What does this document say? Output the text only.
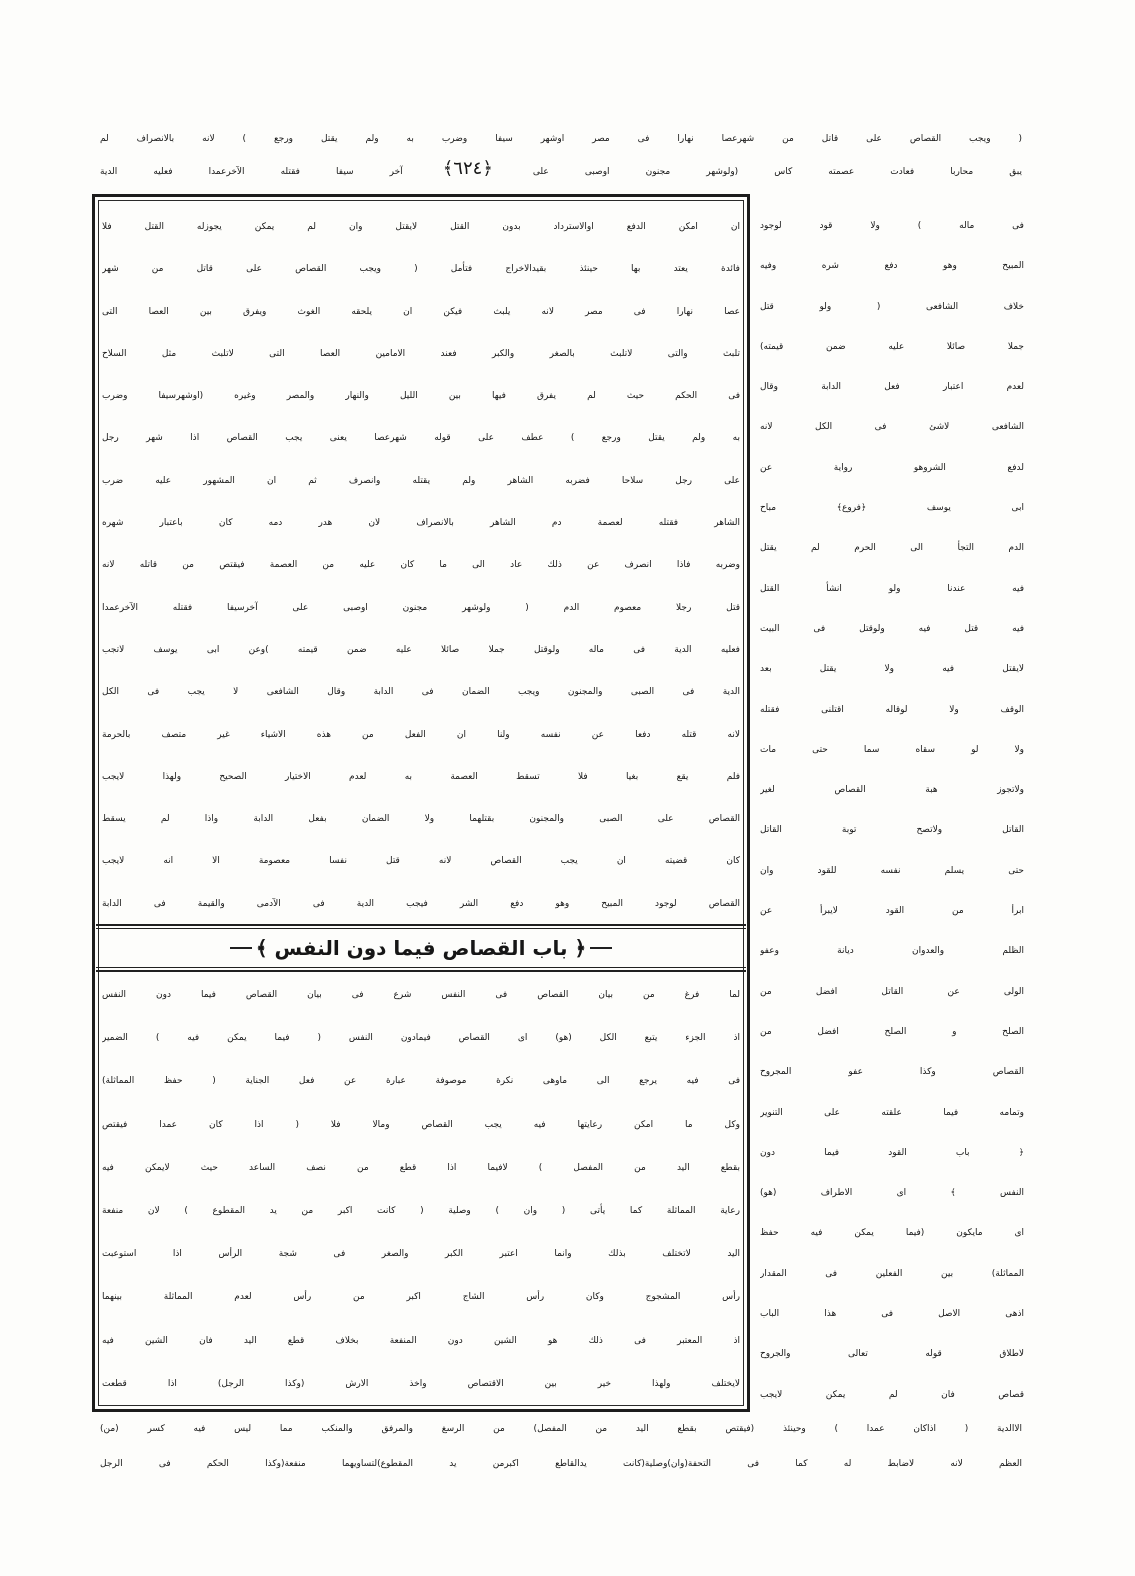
( ويجب القصاص على قاتل من شهرعصا نهارا فى مصر اوشهر سيفا وضرب به ولم يقتل ورجع ) لانه بالانصراف لم
يبق محاربا فعادت عصمته كاس (ولوشهر مجنون اوصبى على ﴿٦٢٤﴾ آخر سيفا فقتله الآخرعمدا فعليه الدية
ان امكن الدفع اوالاسترداد بدون القتل لايقتل وان لم يمكن يجوزله القتل فلا
فائدة يعتد بها حينئذ بقيدالاخراج فتأمل ( ويجب القصاص على قاتل من شهر
عصا نهارا فى مصر لانه يلبث فيكن ان يلحقه الغوث ويفرق بين العصا التى
تلبث والتى لاتلبث بالصغر والكبر فعند الامامين العصا التى لاتلبث مثل السلاح
فى الحكم حيث لم يفرق فيها بين الليل والنهار والمصر وغيره (اوشهرسيفا وضرب
به ولم يقتل ورجع ) عطف على قوله شهرعصا يعنى يجب القصاص اذا شهر رجل
على رجل سلاحا فضربه الشاهر ولم يقتله وانصرف ثم ان المشهور عليه ضرب
الشاهر فقتله لعصمة دم الشاهر بالانصراف لان هدر دمه كان باعتبار شهره
وضربه فاذا انصرف عن ذلك عاد الى ما كان عليه من العصمة فيقتص من قاتله لانه
قتل رجلا معصوم الدم ( ولوشهر مجنون اوصبى على آخرسيفا فقتله الآخرعمدا
فعليه الدية فى ماله ولوقتل جملا صائلا عليه ضمن قيمته )وعن ابى يوسف لاتجب
الدية فى الصبى والمجنون ويجب الضمان فى الدابة وقال الشافعى لا يجب فى الكل
لانه قتله دفعا عن نفسه ولنا ان الفعل من هذه الاشياء غير متصف بالحرمة
فلم يقع بغيا فلا تسقط العصمة به لعدم الاختيار الصحيح ولهذا لايجب
القصاص على الصبى والمجنون بقتلهما ولا الضمان بفعل الدابة واذا لم يسقط
كان قضيته ان يجب القصاص لانه قتل نفسا معصومة الا انه لايجب
القصاص لوجود المبيح وهو دفع الشر فيجب الدية فى الآدمى والقيمة فى الدابة
﴿ باب القصاص فيما دون النفس ﴾
لما فرغ من بيان القصاص فى النفس شرع فى بيان القصاص فيما دون النفس
اذ الجزء يتبع الكل (هو) اى القصاص فيمادون النفس ( فيما يمكن فيه ) الضمير
فى فيه يرجع الى ماوهى نكرة موصوفة عبارة عن فعل الجناية ( حفظ المماثلة)
وكل ما امكن رعايتها فيه يجب القصاص ومالا فلا ( اذا كان عمدا فيقتص
بقطع اليد من المفصل ) لافيما اذا قطع من نصف الساعد حيث لايمكن فيه
رعاية المماثلة كما يأتى ( وان ) وصلية ( كانت اكبر من يد المقطوع ) لان منفعة
اليد لاتختلف بذلك وانما اعتبر الكبر والصغر فى شجة الرأس اذا استوعبت
رأس المشجوج وكان رأس الشاج اكبر من رأس لعدم المماثلة بينهما
اذ المعتبر فى ذلك هو الشين دون المنفعة بخلاف قطع اليد فان الشين فيه
لايختلف ولهذا خير بين الاقتصاص واخذ الارش (وكذا الرجل) اذا قطعت
فى ماله ) ولا قود لوجود
المبيح وهو دفع شره وفيه
خلاف الشافعى ( ولو قتل
جملا صائلا عليه ضمن قيمته)
لعدم اعتبار فعل الدابة وقال
الشافعى لاشئ فى الكل لانه
لدفع الشروهو رواية عن
ابى يوسف ﴿فروع﴾ مباح
الدم التجأ الى الحرم لم يقتل
فيه عندنا ولو انشأ القتل
فيه قتل فيه ولوقتل فى البيت
لايقتل فيه ولا يقتل بعد
الوقف ولا لوقاله اقتلنى فقتله
ولا لو سقاه سما حتى مات
ولاتجوز هبة القصاص لغير
القاتل ولاتصح توبة القاتل
حتى يسلم نفسه للقود وان
ابرأ من القود لايبرأ عن
الظلم والعدوان ديانة وعفو
الولى عن القاتل افضل من
الصلح و الصلح افضل من
القصاص وكذا عفو المجروح
وتمامه فيما علقته على التنوير
﴿ باب القود فيما دون
النفس ﴾ اى الاطراف (هو)
اى مايكون (فيما يمكن فيه حفظ
المماثلة) بين الفعلين فى المقدار
اذهى الاصل فى هذا الباب
لاطلاق قوله تعالى والجروح
قصاص فان لم يمكن لايجب
الاالدية ( اذاكان عمدا ) وحينئذ (فيقتص بقطع اليد من المفصل) من الرسغ والمرفق والمنكب مما ليس فيه كسر (من)
العظم لانه لاضابط له كما فى التحفة(وان)وصلية(كانت يدالقاطع اكبرمن يد المقطوع)لتساويهما منفعة(وكذا الحكم فى الرجل
